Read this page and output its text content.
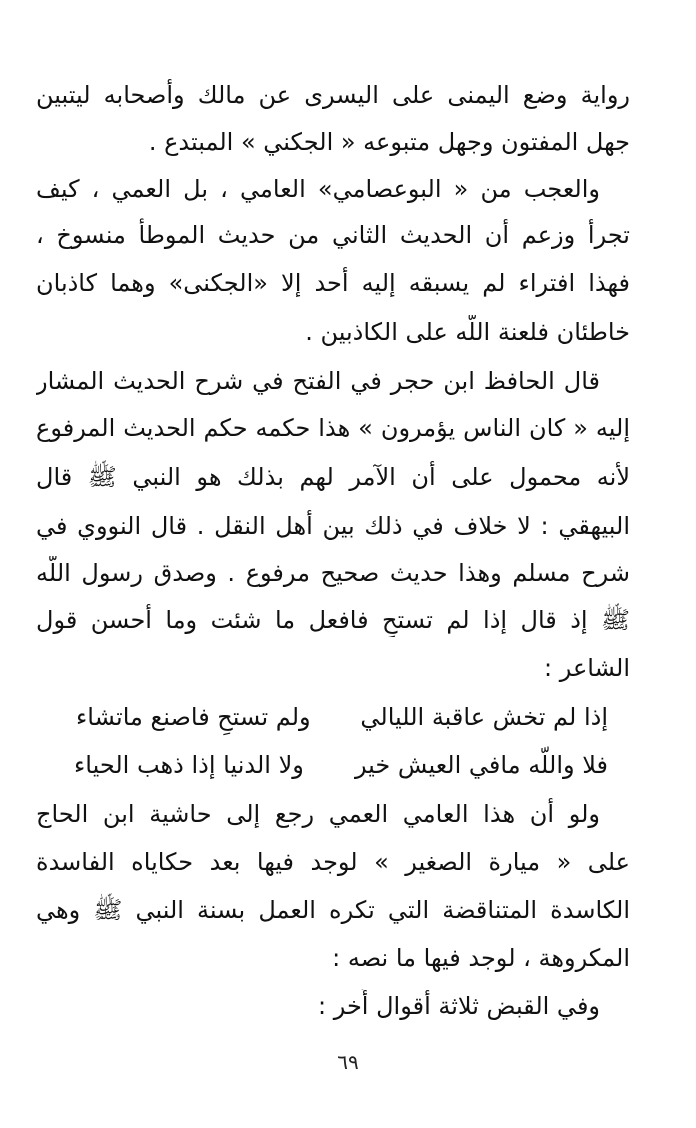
رواية وضع اليمنى على اليسرى عن مالك وأصحابه ليتبين
جهل المفتون وجهل متبوعه « الجكني » المبتدع .
والعجب من « البوعصامي» العامي ، بل العمي ، كيف
تجرأ وزعم أن الحديث الثاني من حديث الموطأ منسوخ ،
فهذا افتراء لم يسبقه إليه أحد إلا «الجكنى» وهما كاذبان
خاطئان فلعنة اللّه على الكاذبين .
قال الحافظ ابن حجر في الفتح في شرح الحديث المشار
إليه « كان الناس يؤمرون » هذا حكمه حكم الحديث المرفوع
لأنه محمول على أن الآمر لهم بذلك هو النبي ﷺ قال
البيهقي : لا خلاف في ذلك بين أهل النقل . قال النووي في
شرح مسلم وهذا حديث صحيح مرفوع . وصدق رسول اللّه
ﷺ إذ قال إذا لم تستحِ فافعل ما شئت وما أحسن قول
الشاعر :
إذا لم تخش عاقبة الليالي
ولم تستحِ فاصنع ماتشاء
فلا واللّه مافي العيش خير
ولا الدنيا إذا ذهب الحياء
ولو أن هذا العامي العمي رجع إلى حاشية ابن الحاج
على « ميارة الصغير » لوجد فيها بعد حكاياه الفاسدة
الكاسدة المتناقضة التي تكره العمل بسنة النبي ﷺ وهي
المكروهة ، لوجد فيها ما نصه :
وفي القبض ثلاثة أقوال أُخر :
٦٩
